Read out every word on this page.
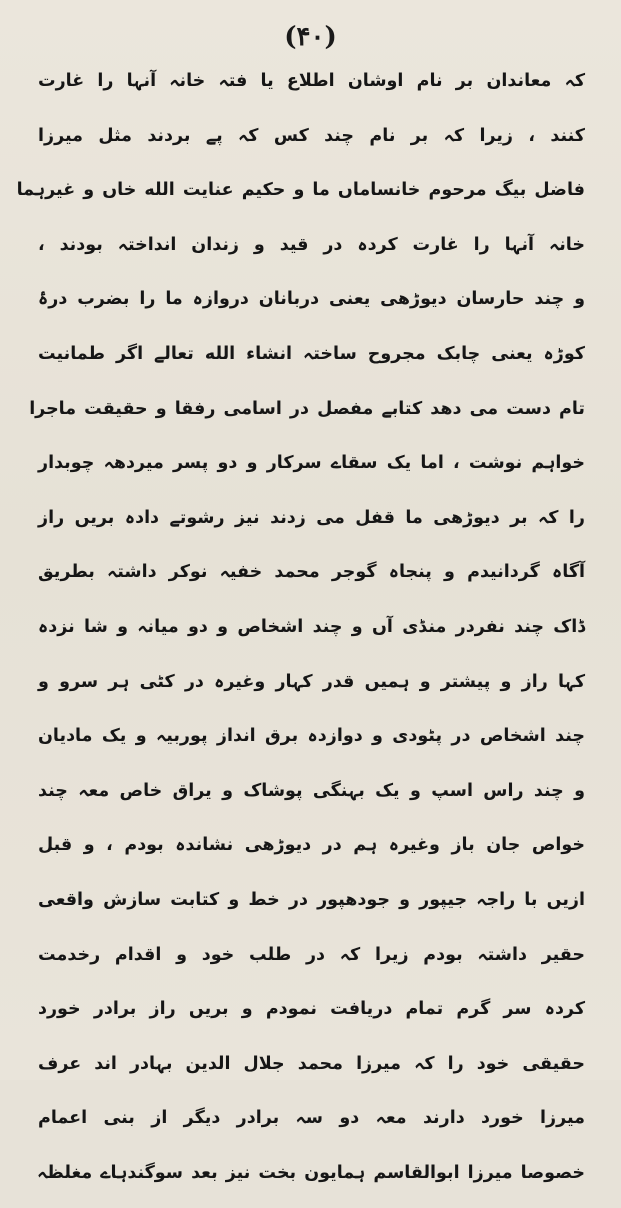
(۴۰)
کہ معاندان بر نام اوشان اطلاع یا فتہ خانہ آنہا را غارت
کنند ، زیرا کہ بر نام چند کس کہ پے بردند مثل میرزا
فاضل بیگ مرحوم خانساماں ما و حکیم عنایت الله خاں و غیرہما
خانہ آنہا را غارت کردہ در قید و زندان انداختہ بودند ،
و چند حارسان دیوڑھی یعنی دربانان دروازہ ما را بضرب درۂ
کوڑہ یعنی چابک مجروح ساختہ انشاء الله تعالے اگر طمانیت
تام دست می دھد کتابے مفصل در اسامی رفقا و حقیقت ماجرا
خواہم نوشت ، اما یک سقاے سرکار و دو پسر میردھہ چوبدار
را کہ بر دیوڑھی ما قفل می زدند نیز رشوتے دادہ بریں راز
آگاہ گردانیدم و پنجاہ گوجر محمد خفیہ نوکر داشتہ بطریق
ڈاک چند نفردر منڈی آں و چند اشخاص و دو میانہ و شا نزدہ
کہا راز و پیشتر و ہمیں قدر کہار وغیرہ در کٹی ہر سرو و
چند اشخاص در پٹودی و دوازدہ برق انداز پوربیہ و یک مادیان
و چند راس اسپ و یک بہنگی پوشاک و یراق خاص معہ چند
خواص جان باز وغیرہ ہم در دیوڑھی نشاندہ بودم ، و قبل
ازیں با راجہ جیپور و جودھپور در خط و کتابت سازش واقعی
حقیر داشتہ بودم زیرا کہ در طلب خود و اقدام رخدمت
کردہ سر گرم تمام دریافت نمودم و بریں راز برادر خورد
حقیقی خود را کہ میرزا محمد جلال الدین بہادر اند عرف
میرزا خورد دارند معہ دو سہ برادر دیگر از بنی اعمام
خصوصا میرزا ابوالقاسم ہمایون بخت نیز بعد سوگندہاے مغلظہ
